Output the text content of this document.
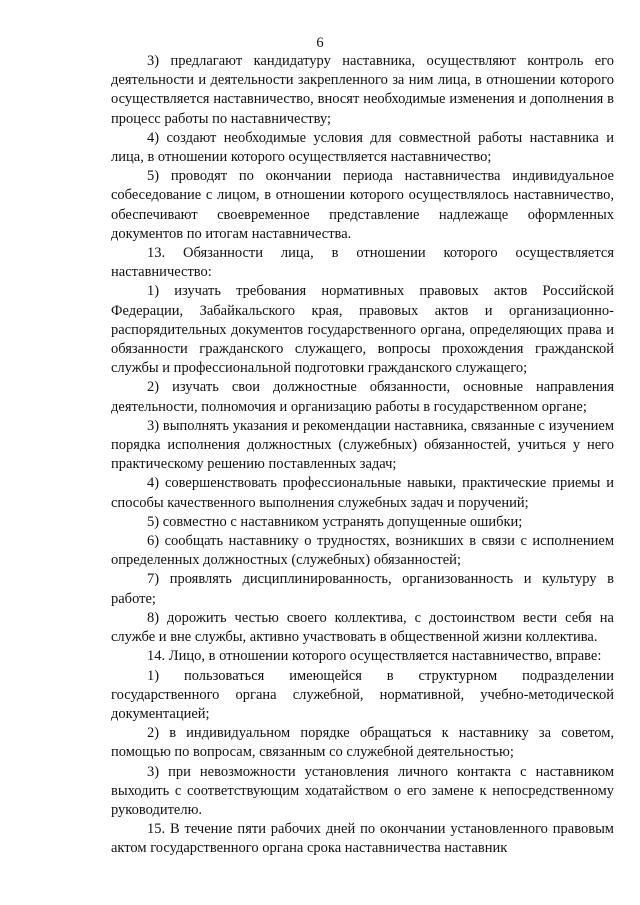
6

3) предлагают кандидатуру наставника, осуществляют контроль его деятельности и деятельности закрепленного за ним лица, в отношении которого осуществляется наставничество, вносят необходимые изменения и дополнения в процесс работы по наставничеству;

4) создают необходимые условия для совместной работы наставника и лица, в отношении которого осуществляется наставничество;

5) проводят по окончании периода наставничества индивидуальное собеседование с лицом, в отношении которого осуществлялось наставничество, обеспечивают своевременное представление надлежаще оформленных документов по итогам наставничества.

13. Обязанности лица, в отношении которого осуществляется наставничество:

1) изучать требования нормативных правовых актов Российской Федерации, Забайкальского края, правовых актов и организационно-распорядительных документов государственного органа, определяющих права и обязанности гражданского служащего, вопросы прохождения гражданской службы и профессиональной подготовки гражданского служащего;

2) изучать свои должностные обязанности, основные направления деятельности, полномочия и организацию работы в государственном органе;

3) выполнять указания и рекомендации наставника, связанные с изучением порядка исполнения должностных (служебных) обязанностей, учиться у него практическому решению поставленных задач;

4) совершенствовать профессиональные навыки, практические приемы и способы качественного выполнения служебных задач и поручений;

5) совместно с наставником устранять допущенные ошибки;

6) сообщать наставнику о трудностях, возникших в связи с исполнением определенных должностных (служебных) обязанностей;

7) проявлять дисциплинированность, организованность и культуру в работе;

8) дорожить честью своего коллектива, с достоинством вести себя на службе и вне службы, активно участвовать в общественной жизни коллектива.

14. Лицо, в отношении которого осуществляется наставничество, вправе:

1) пользоваться имеющейся в структурном подразделении государственного органа служебной, нормативной, учебно-методической документацией;

2) в индивидуальном порядке обращаться к наставнику за советом, помощью по вопросам, связанным со служебной деятельностью;

3) при невозможности установления личного контакта с наставником выходить с соответствующим ходатайством о его замене к непосредственному руководителю.

15. В течение пяти рабочих дней по окончании установленного правовым актом государственного органа срока наставничества наставник
